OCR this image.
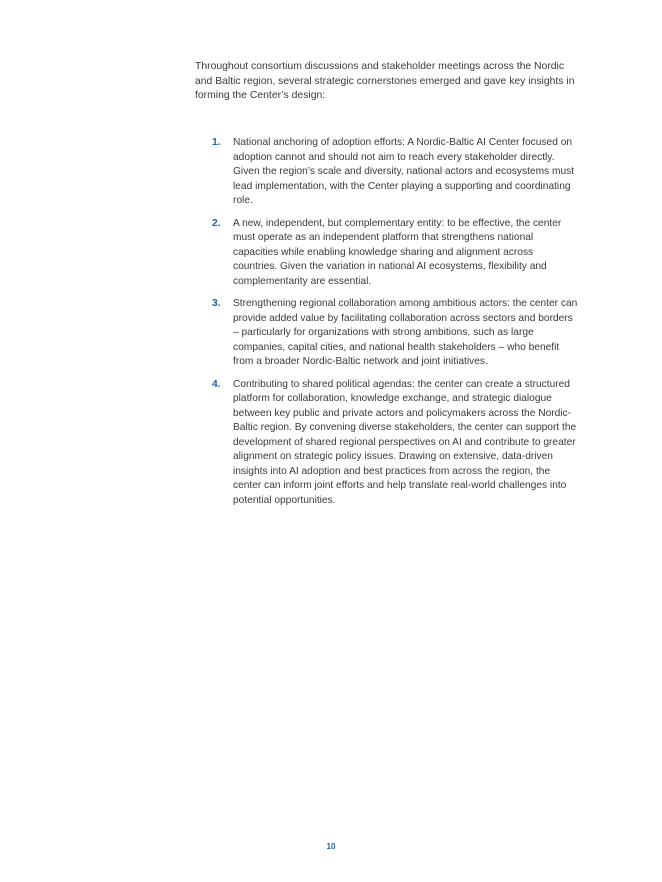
Throughout consortium discussions and stakeholder meetings across the Nordic and Baltic region, several strategic cornerstones emerged and gave key insights in forming the Center’s design:

1.	National anchoring of adoption efforts: A Nordic-Baltic AI Center focused on adoption cannot and should not aim to reach every stakeholder directly. Given the region’s scale and diversity, national actors and ecosystems must lead implementation, with the Center playing a supporting and coordinating role.
2.	A new, independent, but complementary entity: to be effective, the center must operate as an independent platform that strengthens national capacities while enabling knowledge sharing and alignment across countries. Given the variation in national AI ecosystems, flexibility and complementarity are essential.
3.	Strengthening regional collaboration among ambitious actors: the center can provide added value by facilitating collaboration across sectors and borders – particularly for organizations with strong ambitions, such as large companies, capital cities, and national health stakeholders – who benefit from a broader Nordic-Baltic network and joint initiatives.
4.	Contributing to shared political agendas: the center can create a structured platform for collaboration, knowledge exchange, and strategic dialogue between key public and private actors and policymakers across the Nordic-Baltic region. By convening diverse stakeholders, the center can support the development of shared regional perspectives on AI and contribute to greater alignment on strategic policy issues. Drawing on extensive, data-driven insights into AI adoption and best practices from across the region, the center can inform joint efforts and help translate real-world challenges into potential opportunities.
10
